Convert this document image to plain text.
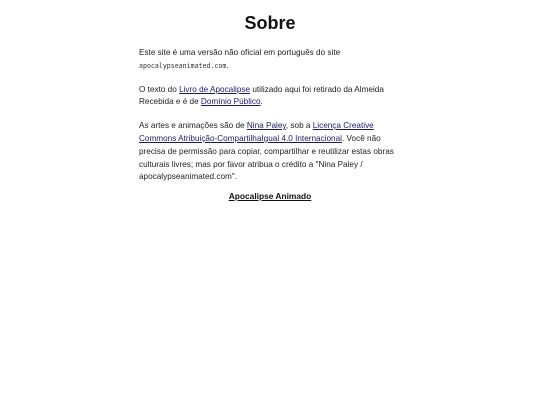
Sobre

Este site é uma versão não oficial em português do site apocalypseanimated.com.

O texto do Livro de Apocalipse utilizado aqui foi retirado da Almeida Recebida e é de Domínio Público.

As artes e animações são de Nina Paley, sob a Licença Creative Commons Atribuição-CompartilhaIgual 4.0 Internacional. Você não precisa de permissão para copiar, compartilhar e reutilizar estas obras culturais livres; mas por favor atribua o crédito a "Nina Paley / apocalypseanimated.com".

Apocalipse Animado
